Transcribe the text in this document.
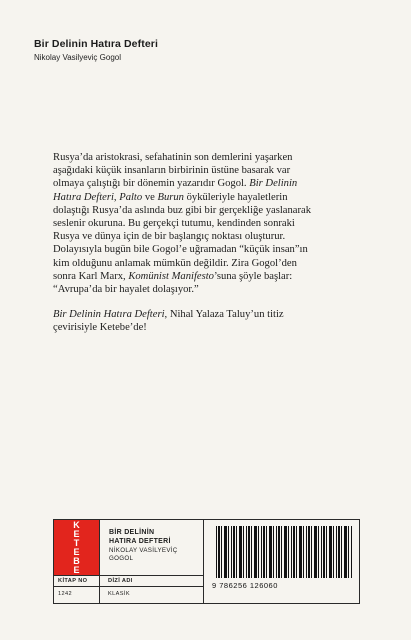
Bir Delinin Hatıra Defteri
Nikolay Vasilyeviç Gogol

Rusya’da aristokrasi, sefahatinin son demlerini yaşarken
aşağıdaki küçük insanların birbirinin üstüne basarak var
olmaya çalıştığı bir dönemin yazarıdır Gogol. Bir Delinin
Hatıra Defteri, Palto ve Burun öyküleriyle hayaletlerin
dolaştığı Rusya’da aslında buz gibi bir gerçekliğe yaslanarak
seslenir okuruna. Bu gerçekçi tutumu, kendinden sonraki
Rusya ve dünya için de bir başlangıç noktası oluşturur.
Dolayısıyla bugün bile Gogol’e uğramadan “küçük insan”ın
kim olduğunu anlamak mümkün değildir. Zira Gogol’den
sonra Karl Marx, Komünist Manifesto’suna şöyle başlar:
“Avrupa’da bir hayalet dolaşıyor.”

Bir Delinin Hatıra Defteri, Nihal Yalaza Taluy’un titiz
çevirisiyle Ketebe’de!

K
E
T
E
B
E
BİR DELİNİN
HATIRA DEFTERİ
NİKOLAY VASİLYEVİÇ
GOGOL
KİTAP NO	DİZİ ADI
1242	KLASİK
9 786256 126060
